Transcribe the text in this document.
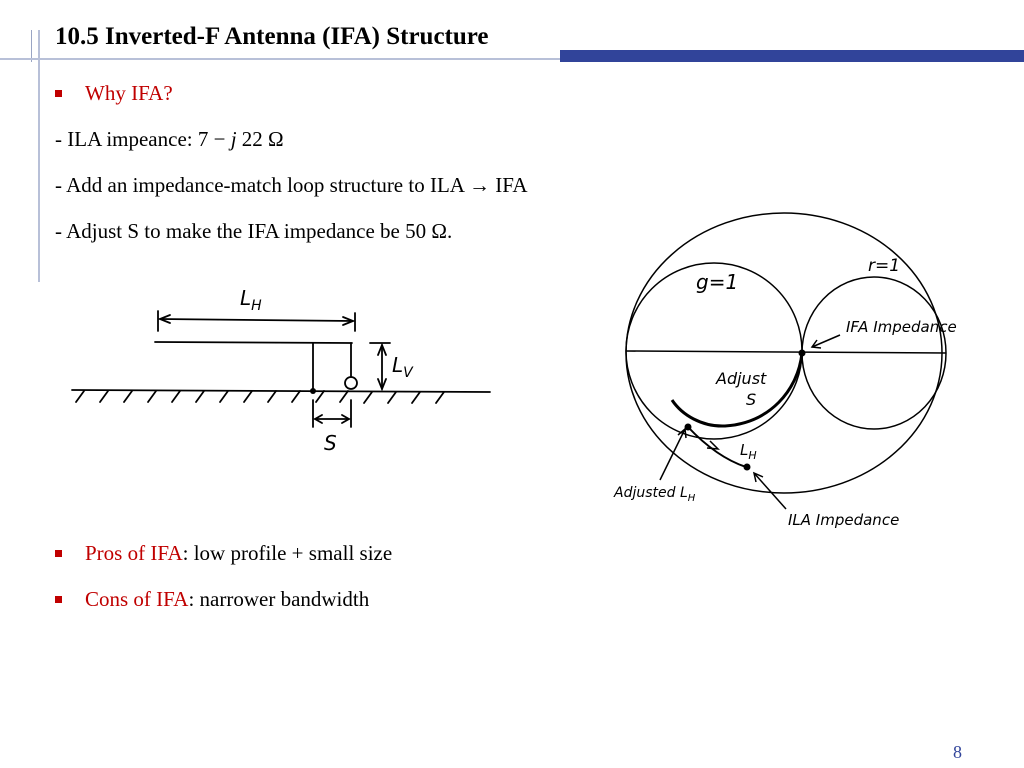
10.5 Inverted-F Antenna (IFA) Structure
Why IFA?
- ILA impeance: 7 − j 22 Ω
- Add an impedance-match loop structure to ILA → IFA
- Adjust S to make the IFA impedance be 50 Ω.
$L_H$
$L_V$
S
g=1
r=1
IFA Impedance
Adjust
S
$L_H$
Adjusted $L_H$
ILA Impedance
Pros of IFA: low profile + small size
Cons of IFA: narrower bandwidth
8
